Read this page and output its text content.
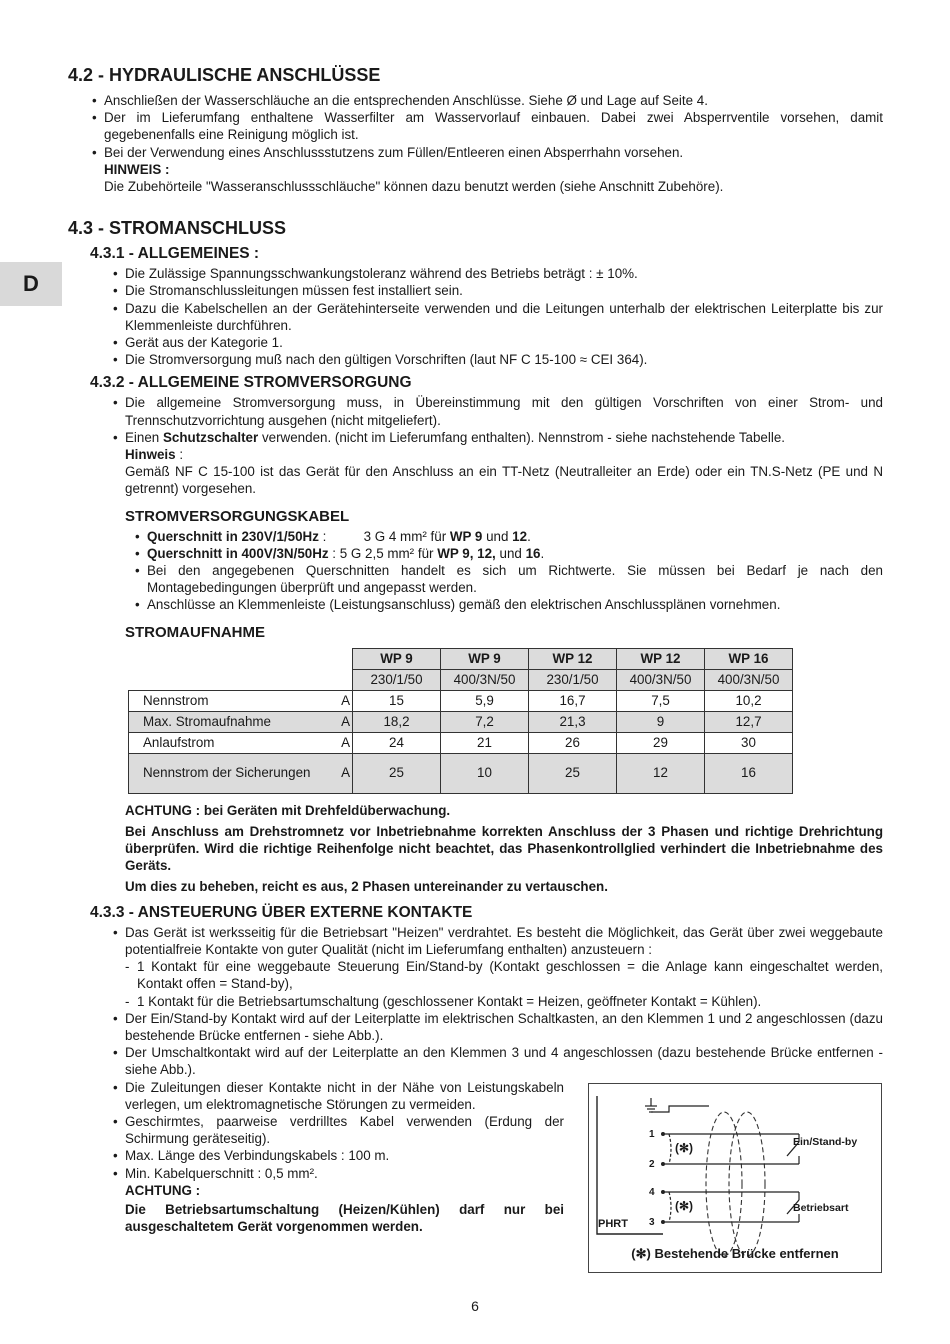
D
4.2 - HYDRAULISCHE ANSCHLÜSSE
• Anschließen der Wasserschläuche an die entsprechenden Anschlüsse. Siehe Ø und Lage auf Seite 4.
• Der im Lieferumfang enthaltene Wasserfilter am Wasservorlauf einbauen. Dabei zwei Absperrventile vorsehen, damit gegebenenfalls eine Reinigung möglich ist.
• Bei der Verwendung eines Anschlussstutzens zum Füllen/Entleeren einen Absperrhahn vorsehen.
HINWEIS :
Die Zubehörteile "Wasseranschlussschläuche" können dazu benutzt werden (siehe Anschnitt Zubehöre).
4.3 - STROMANSCHLUSS
4.3.1 - ALLGEMEINES :
• Die Zulässige Spannungsschwankungstoleranz während des Betriebs beträgt : ± 10%.
• Die Stromanschlussleitungen müssen fest installiert sein.
• Dazu die Kabelschellen an der Gerätehinterseite verwenden und die Leitungen unterhalb der elektrischen Leiterplatte bis zur Klemmenleiste durchführen.
• Gerät aus der Kategorie 1.
• Die Stromversorgung muß nach den gültigen Vorschriften (laut NF C 15-100 ≈ CEI 364).
4.3.2 - ALLGEMEINE STROMVERSORGUNG
• Die allgemeine Stromversorgung muss, in Übereinstimmung mit den gültigen Vorschriften von einer Strom- und Trennschutzvorrichtung ausgehen (nicht mitgeliefert).
• Einen Schutzschalter verwenden. (nicht im Lieferumfang enthalten). Nennstrom - siehe nachstehende Tabelle.
Hinweis :
Gemäß NF C 15-100 ist das Gerät für den Anschluss an ein TT-Netz (Neutralleiter an Erde) oder ein TN.S-Netz (PE und N getrennt) vorgesehen.
STROMVERSORGUNGSKABEL
• Querschnitt in 230V/1/50Hz :          3 G 4 mm² für WP 9 und 12.
• Querschnitt in 400V/3N/50Hz : 5 G 2,5 mm² für WP 9, 12, und 16.
• Bei den angegebenen Querschnitten handelt es sich um Richtwerte. Sie müssen bei Bedarf je nach den Montagebedingungen überprüft und angepasst werden.
• Anschlüsse an Klemmenleiste (Leistungsanschluss) gemäß den elektrischen Anschlussplänen vornehmen.
STROMAUFNAHME
		WP 9	WP 9	WP 12	WP 12	WP 16
		230/1/50	400/3N/50	230/1/50	400/3N/50	400/3N/50
Nennstrom	A	15	5,9	16,7	7,5	10,2
Max. Stromaufnahme	A	18,2	7,2	21,3	9	12,7
Anlaufstrom	A	24	21	26	29	30
Nennstrom der Sicherungen	A	25	10	25	12	16
ACHTUNG : bei Geräten mit Drehfeldüberwachung.
Bei Anschluss am Drehstromnetz vor Inbetriebnahme korrekten Anschluss der 3 Phasen und richtige Drehrichtung überprüfen. Wird die richtige Reihenfolge nicht beachtet, das Phasenkontrollglied verhindert die Inbetriebnahme des Geräts.
Um dies zu beheben, reicht es aus, 2 Phasen untereinander zu vertauschen.
4.3.3 - ANSTEUERUNG ÜBER EXTERNE KONTAKTE
• Das Gerät ist werksseitig für die Betriebsart "Heizen" verdrahtet. Es besteht die Möglichkeit, das Gerät über zwei weggebaute potentialfreie Kontakte von guter Qualität (nicht im Lieferumfang enthalten) anzusteuern :
- 1 Kontakt für eine weggebaute Steuerung Ein/Stand-by (Kontakt geschlossen = die Anlage kann eingeschaltet werden, Kontakt offen = Stand-by),
- 1 Kontakt für die Betriebsartumschaltung (geschlossener Kontakt = Heizen, geöffneter Kontakt = Kühlen).
• Der Ein/Stand-by Kontakt wird auf der Leiterplatte im elektrischen Schaltkasten, an den Klemmen 1 und 2 angeschlossen (dazu bestehende Brücke entfernen - siehe Abb.).
• Der Umschaltkontakt wird auf der Leiterplatte an den Klemmen 3 und 4 angeschlossen (dazu bestehende Brücke entfernen - siehe Abb.).
• Die Zuleitungen dieser Kontakte nicht in der Nähe von Leistungskabeln verlegen, um elektromagnetische Störungen zu vermeiden.
• Geschirmtes, paarweise verdrilltes Kabel verwenden (Erdung der Schirmung geräteseitig).
• Max. Länge des Verbindungskabels : 100 m.
• Min. Kabelquerschnitt : 0,5 mm².
ACHTUNG :
Die Betriebsartumschaltung (Heizen/Kühlen) darf nur bei ausgeschaltetem Gerät vorgenommen werden.
1
2
4
3
(✻)
(✻)
Ein/Stand-by
Betriebsart
PHRT
(✻) Bestehende Brücke entfernen
6
